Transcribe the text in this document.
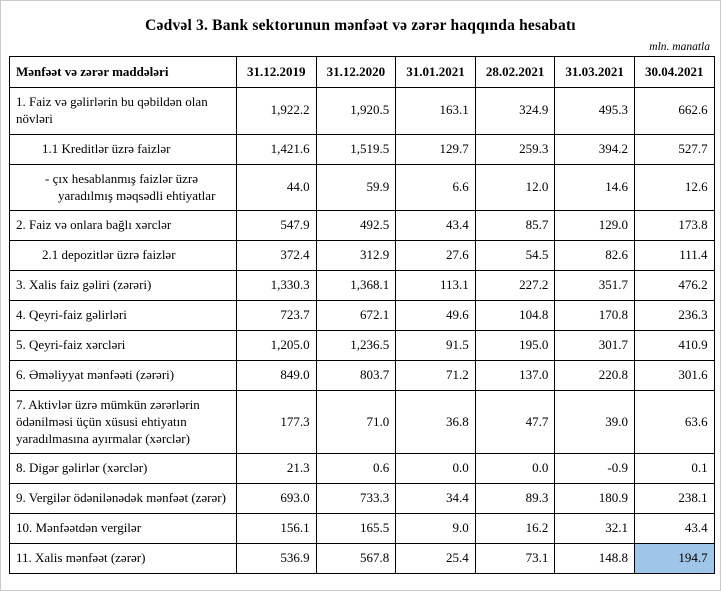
Cədvəl 3. Bank sektorunun mənfəət və zərər haqqında hesabatı
mln. manatla
Mənfəət və zərər maddələri	31.12.2019	31.12.2020	31.01.2021	28.02.2021	31.03.2021	30.04.2021
1. Faiz və gəlirlərin bu qəbildən olan növləri	1,922.2	1,920.5	163.1	324.9	495.3	662.6
1.1 Kreditlər üzrə faizlər	1,421.6	1,519.5	129.7	259.3	394.2	527.7
- çıx hesablanmış faizlər üzrə yaradılmış məqsədli ehtiyatlar	44.0	59.9	6.6	12.0	14.6	12.6
2. Faiz və onlara bağlı xərclər	547.9	492.5	43.4	85.7	129.0	173.8
2.1 depozitlər üzrə faizlər	372.4	312.9	27.6	54.5	82.6	111.4
3. Xalis faiz gəliri (zərəri)	1,330.3	1,368.1	113.1	227.2	351.7	476.2
4. Qeyri-faiz gəlirləri	723.7	672.1	49.6	104.8	170.8	236.3
5. Qeyri-faiz xərcləri	1,205.0	1,236.5	91.5	195.0	301.7	410.9
6. Əməliyyat mənfəəti (zərəri)	849.0	803.7	71.2	137.0	220.8	301.6
7. Aktivlər üzrə mümkün zərərlərin ödənilməsi üçün xüsusi ehtiyatın yaradılmasına ayırmalar (xərclər)	177.3	71.0	36.8	47.7	39.0	63.6
8. Digər gəlirlər (xərclər)	21.3	0.6	0.0	0.0	-0.9	0.1
9. Vergilər ödənilənədək mənfəət (zərər)	693.0	733.3	34.4	89.3	180.9	238.1
10. Mənfəətdən vergilər	156.1	165.5	9.0	16.2	32.1	43.4
11. Xalis mənfəət (zərər)	536.9	567.8	25.4	73.1	148.8	194.7
